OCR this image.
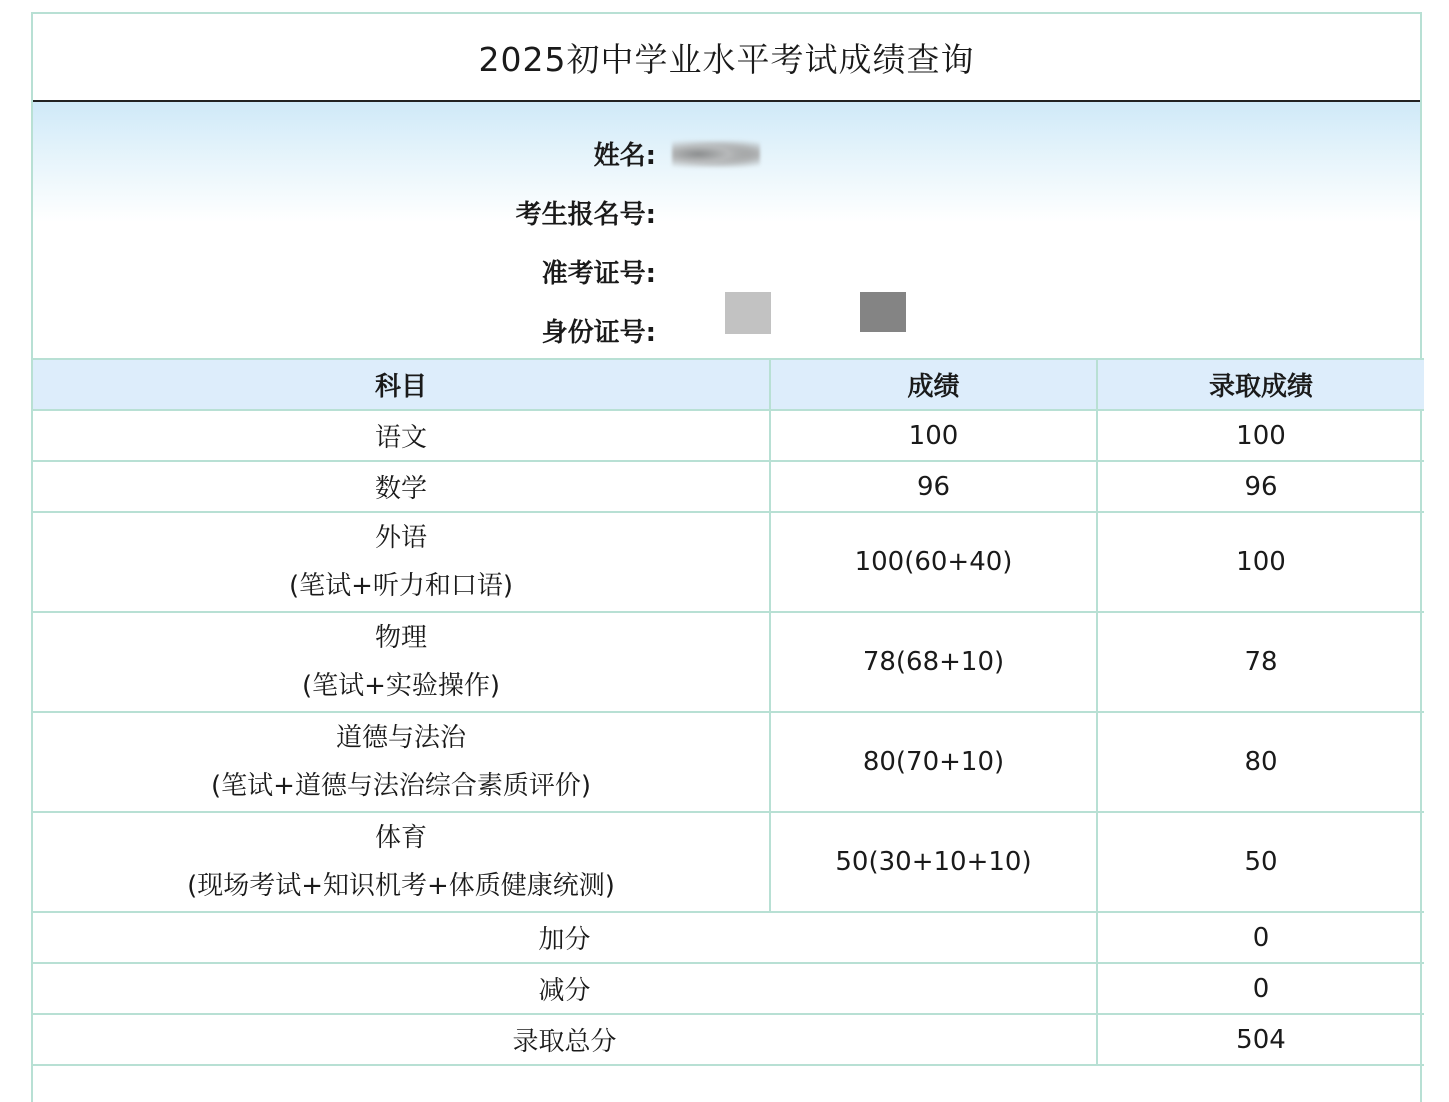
2025初中学业水平考试成绩查询
姓名:
考生报名号:
准考证号:
身份证号:
科目	成绩	录取成绩
语文	100	100
数学	96	96

外语
(笔试+听力和口语)	100(60+40)	100

物理
(笔试+实验操作)	78(68+10)	78

道德与法治
(笔试+道德与法治综合素质评价)	80(70+10)	80

体育
(现场考试+知识机考+体质健康统测)	50(30+10+10)	50
加分		0
减分		0
录取总分		504
